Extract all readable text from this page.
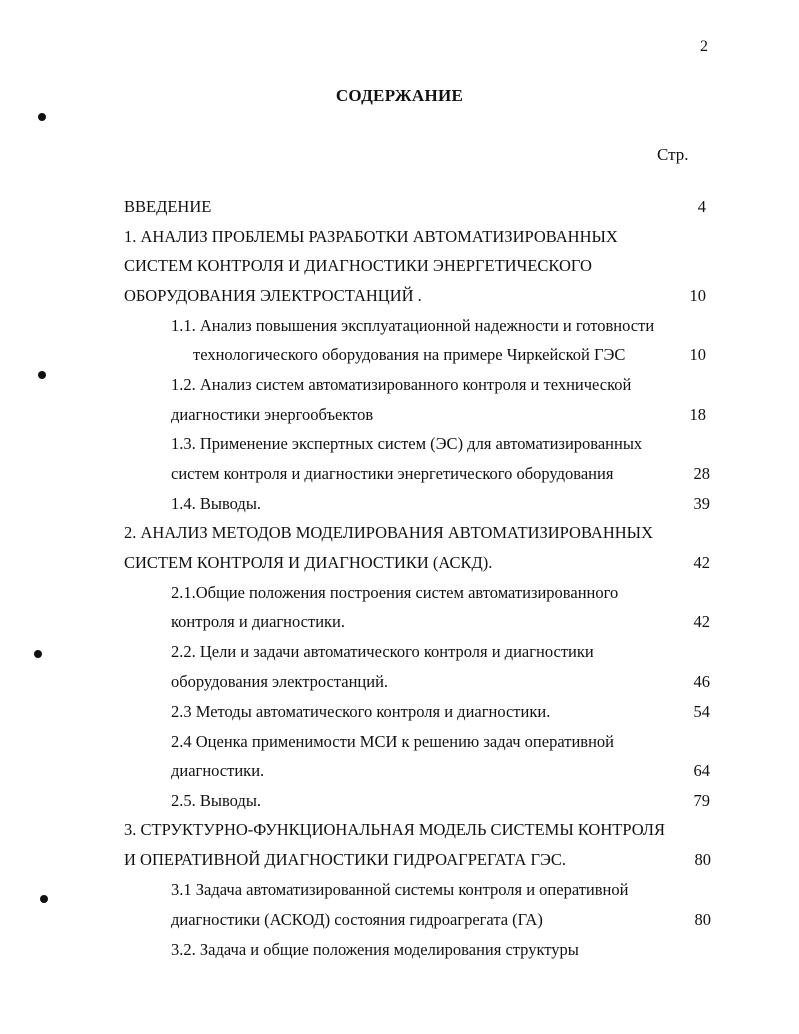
2
СОДЕРЖАНИЕ
Стр.
ВВЕДЕНИЕ	4
1. АНАЛИЗ ПРОБЛЕМЫ РАЗРАБОТКИ АВТОМАТИЗИРОВАННЫХ
СИСТЕМ КОНТРОЛЯ И ДИАГНОСТИКИ ЭНЕРГЕТИЧЕСКОГО
ОБОРУДОВАНИЯ ЭЛЕКТРОСТАНЦИЙ .	10
1.1. Анализ повышения эксплуатационной надежности и готовности
технологического оборудования на примере Чиркейской ГЭС	10
1.2. Анализ систем автоматизированного контроля и технической
диагностики энергообъектов	18
1.3. Применение экспертных систем (ЭС) для автоматизированных
систем контроля и диагностики энергетического оборудования	28
1.4. Выводы.	39
2. АНАЛИЗ МЕТОДОВ МОДЕЛИРОВАНИЯ АВТОМАТИЗИРОВАННЫХ
СИСТЕМ КОНТРОЛЯ И ДИАГНОСТИКИ (АСКД).	42
2.1.Общие положения построения систем автоматизированного
контроля и диагностики.	42
2.2. Цели и задачи автоматического контроля и диагностики
оборудования электростанций.	46
2.3 Методы автоматического контроля и диагностики.	54
2.4 Оценка применимости МСИ к решению задач оперативной
диагностики.	64
2.5. Выводы.	79
3. СТРУКТУРНО-ФУНКЦИОНАЛЬНАЯ МОДЕЛЬ СИСТЕМЫ КОНТРОЛЯ
И ОПЕРАТИВНОЙ ДИАГНОСТИКИ ГИДРОАГРЕГАТА ГЭС.	80
3.1 Задача автоматизированной системы контроля и оперативной
диагностики (АСКОД) состояния гидроагрегата (ГА)	80
3.2. Задача и общие положения моделирования структуры
